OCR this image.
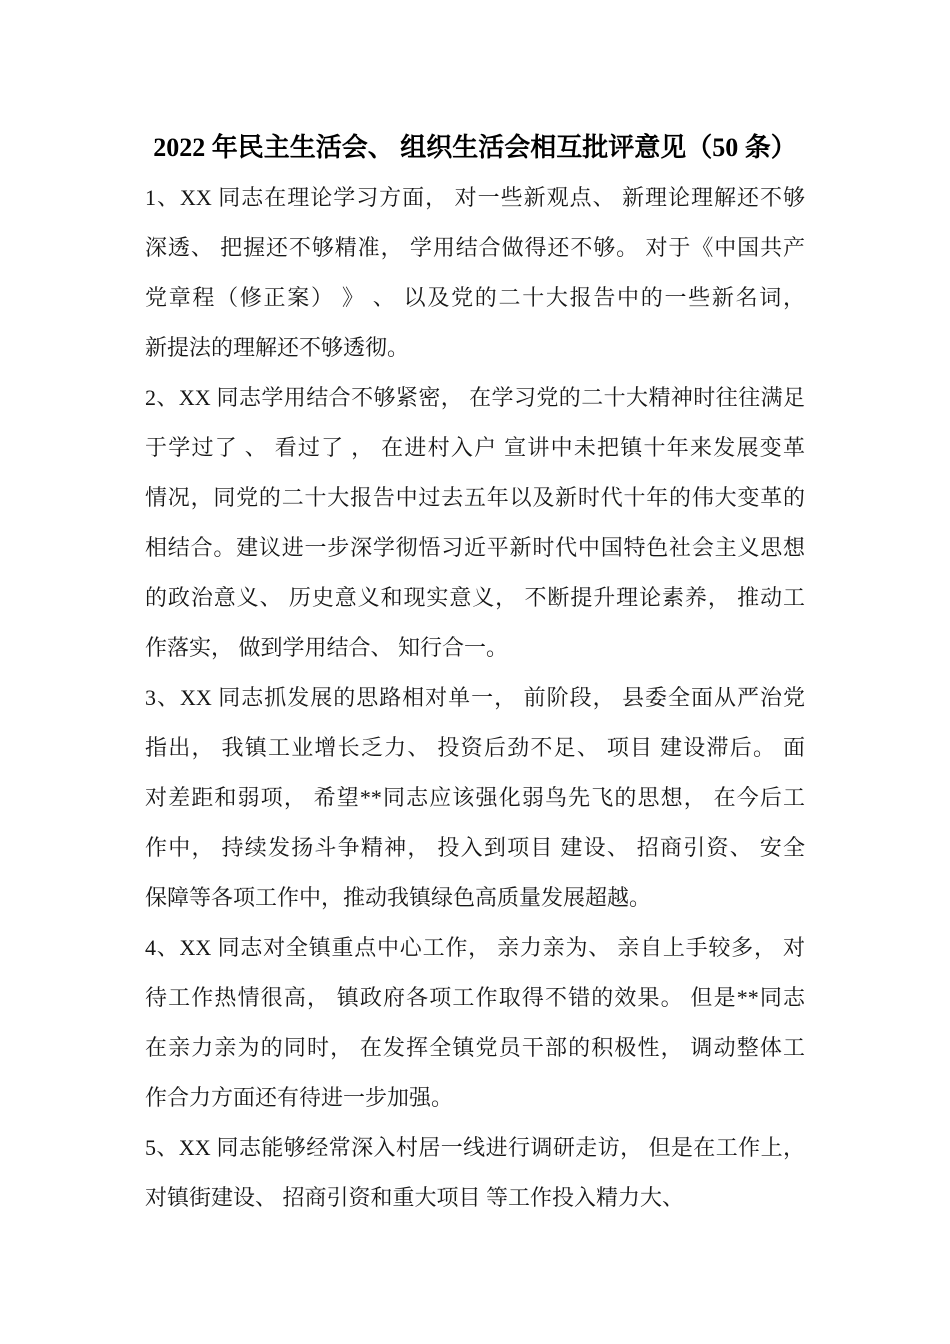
2022 年民主生活会、 组织生活会相互批评意见（50 条）
1、XX 同志在理论学习方面， 对一些新观点、 新理论理解还不够
深透、 把握还不够精准， 学用结合做得还不够。 对于《中国共产
党章程（修正案） 》 、 以及党的二十大报告中的一些新名词，
新提法的理解还不够透彻。
2、XX 同志学用结合不够紧密， 在学习党的二十大精神时往往满足
于学过了 、 看过了 ， 在进村入户 宣讲中未把镇十年来发展变革
情况，同党的二十大报告中过去五年以及新时代十年的伟大变革的
相结合。建议进一步深学彻悟习近平新时代中国特色社会主义思想
的政治意义、 历史意义和现实意义， 不断提升理论素养， 推动工
作落实， 做到学用结合、 知行合一。
3、XX 同志抓发展的思路相对单一， 前阶段， 县委全面从严治党
指出， 我镇工业增长乏力、 投资后劲不足、 项目 建设滞后。 面
对差距和弱项， 希望**同志应该强化弱鸟先飞的思想， 在今后工
作中， 持续发扬斗争精神， 投入到项目 建设、 招商引资、 安全
保障等各项工作中，推动我镇绿色高质量发展超越。
4、XX 同志对全镇重点中心工作， 亲力亲为、 亲自上手较多， 对
待工作热情很高， 镇政府各项工作取得不错的效果。 但是**同志
在亲力亲为的同时， 在发挥全镇党员干部的积极性， 调动整体工
作合力方面还有待进一步加强。
5、XX 同志能够经常深入村居一线进行调研走访， 但是在工作上，
对镇街建设、 招商引资和重大项目 等工作投入精力大、
